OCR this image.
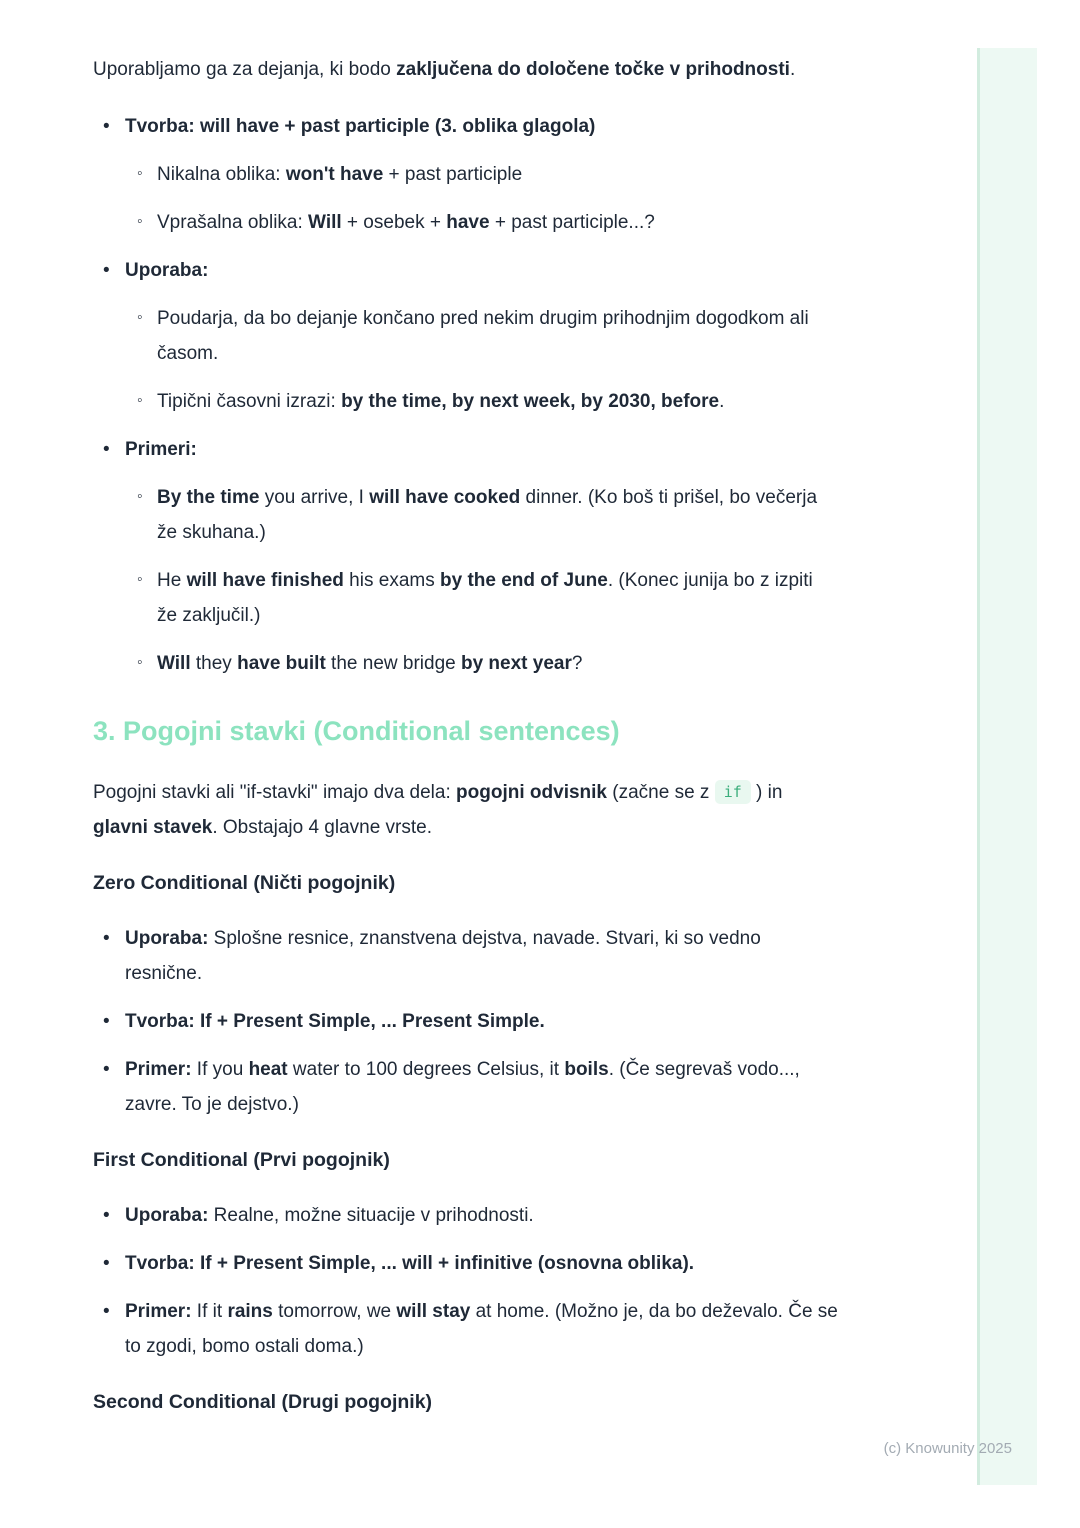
Uporabljamo ga za dejanja, ki bodo zaključena do določene točke v prihodnosti.

• Tvorba: will have + past participle (3. oblika glagola)
◦ Nikalna oblika: won't have + past participle
◦ Vprašalna oblika: Will + osebek + have + past participle...?
• Uporaba:
◦ Poudarja, da bo dejanje končano pred nekim drugim prihodnjim dogodkom ali časom.
◦ Tipični časovni izrazi: by the time, by next week, by 2030, before.
• Primeri:
◦ By the time you arrive, I will have cooked dinner. (Ko boš ti prišel, bo večerja že skuhana.)
◦ He will have finished his exams by the end of June. (Konec junija bo z izpiti že zaključil.)
◦ Will they have built the new bridge by next year?
3. Pogojni stavki (Conditional sentences)

Pogojni stavki ali "if-stavki" imajo dva dela: pogojni odvisnik (začne se z if ) in glavni stavek. Obstajajo 4 glavne vrste.

Zero Conditional (Ničti pogojnik)
• Uporaba: Splošne resnice, znanstvena dejstva, navade. Stvari, ki so vedno resnične.
• Tvorba: If + Present Simple, ... Present Simple.
• Primer: If you heat water to 100 degrees Celsius, it boils. (Če segrevaš vodo..., zavre. To je dejstvo.)
First Conditional (Prvi pogojnik)
• Uporaba: Realne, možne situacije v prihodnosti.
• Tvorba: If + Present Simple, ... will + infinitive (osnovna oblika).
• Primer: If it rains tomorrow, we will stay at home. (Možno je, da bo deževalo. Če se to zgodi, bomo ostali doma.)
Second Conditional (Drugi pogojnik)
(c) Knowunity 2025
